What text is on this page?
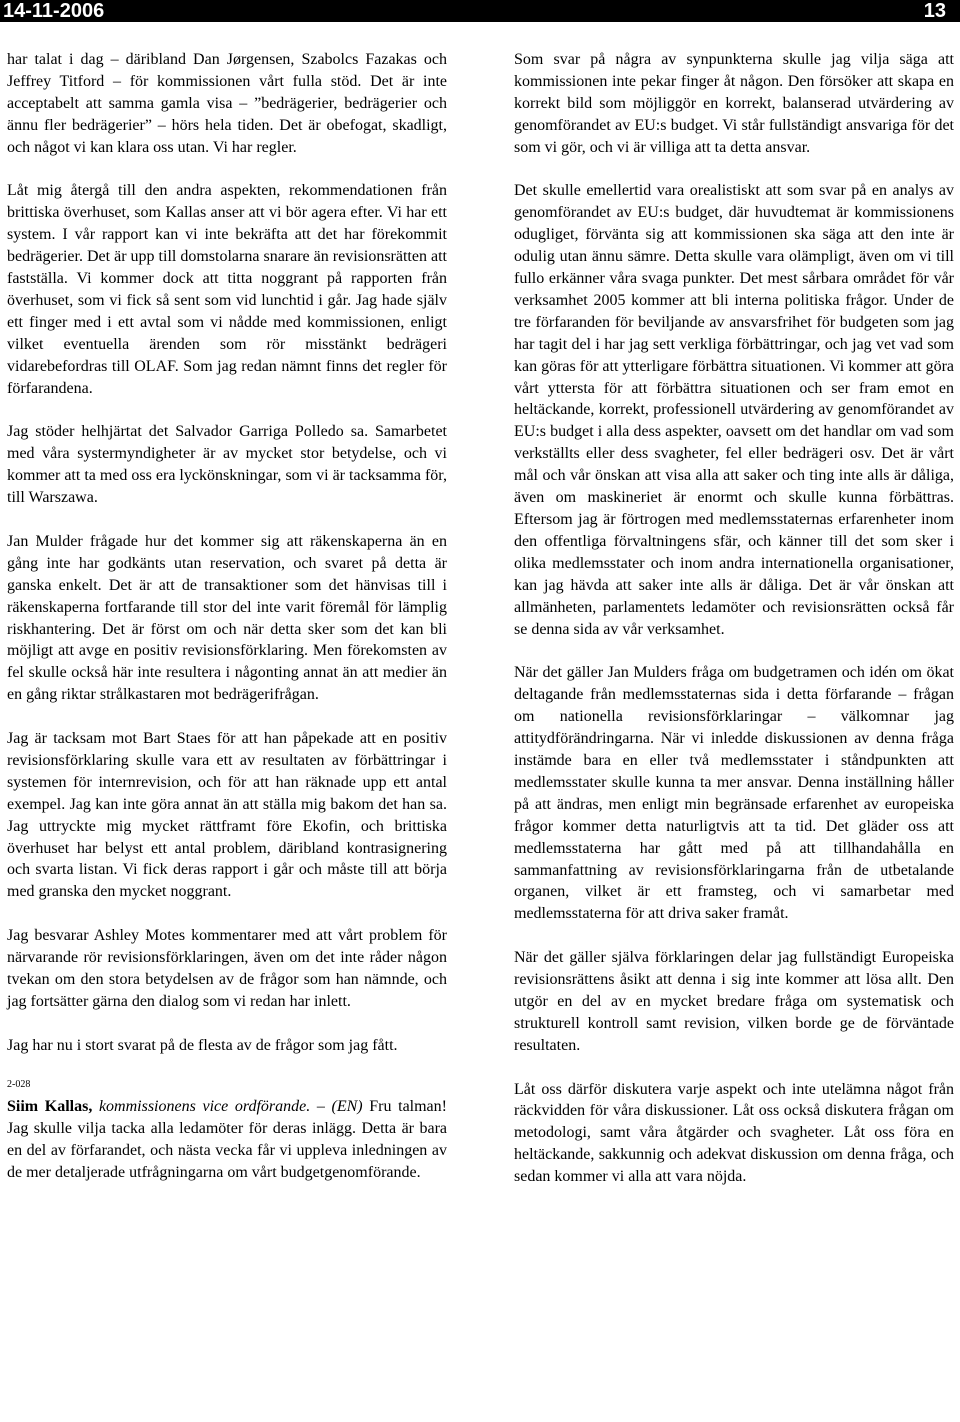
14-11-2006	13

har talat i dag – däribland Dan Jørgensen, Szabolcs Fazakas och Jeffrey Titford – för kommissionen vårt fulla stöd. Det är inte acceptabelt att samma gamla visa – ”bedrägerier, bedrägerier och ännu fler bedrägerier” – hörs hela tiden. Det är obefogat, skadligt, och något vi kan klara oss utan. Vi har regler.

Låt mig återgå till den andra aspekten, rekommendationen från brittiska överhuset, som Kallas anser att vi bör agera efter. Vi har ett system. I vår rapport kan vi inte bekräfta att det har förekommit bedrägerier. Det är upp till domstolarna snarare än revisionsrätten att fastställa. Vi kommer dock att titta noggrant på rapporten från överhuset, som vi fick så sent som vid lunchtid i går. Jag hade själv ett finger med i ett avtal som vi nådde med kommissionen, enligt vilket eventuella ärenden som rör misstänkt bedrägeri vidarebefordras till OLAF. Som jag redan nämnt finns det regler för förfarandena.

Jag stöder helhjärtat det Salvador Garriga Polledo sa. Samarbetet med våra systermyndigheter är av mycket stor betydelse, och vi kommer att ta med oss era lyckönskningar, som vi är tacksamma för, till Warszawa.

Jan Mulder frågade hur det kommer sig att räkenskaperna än en gång inte har godkänts utan reservation, och svaret på detta är ganska enkelt. Det är att de transaktioner som det hänvisas till i räkenskaperna fortfarande till stor del inte varit föremål för lämplig riskhantering. Det är först om och när detta sker som det kan bli möjligt att avge en positiv revisionsförklaring. Men förekomsten av fel skulle också här inte resultera i någonting annat än att medier än en gång riktar strålkastaren mot bedrägerifrågan.

Jag är tacksam mot Bart Staes för att han påpekade att en positiv revisionsförklaring skulle vara ett av resultaten av förbättringar i systemen för internrevision, och för att han räknade upp ett antal exempel. Jag kan inte göra annat än att ställa mig bakom det han sa. Jag uttryckte mig mycket rättframt före Ekofin, och brittiska överhuset har belyst ett antal problem, däribland kontrasignering och svarta listan. Vi fick deras rapport i går och måste till att börja med granska den mycket noggrant.

Jag besvarar Ashley Motes kommentarer med att vårt problem för närvarande rör revisionsförklaringen, även om det inte råder någon tvekan om den stora betydelsen av de frågor som han nämnde, och jag fortsätter gärna den dialog som vi redan har inlett.

Jag har nu i stort svarat på de flesta av de frågor som jag fått.

2-028

Siim Kallas, kommissionens vice ordförande. – (EN) Fru talman! Jag skulle vilja tacka alla ledamöter för deras inlägg. Detta är bara en del av förfarandet, och nästa vecka får vi uppleva inledningen av de mer detaljerade utfrågningarna om vårt budgetgenomförande.

Som svar på några av synpunkterna skulle jag vilja säga att kommissionen inte pekar finger åt någon. Den försöker att skapa en korrekt bild som möjliggör en korrekt, balanserad utvärdering av genomförandet av EU:s budget. Vi står fullständigt ansvariga för det som vi gör, och vi är villiga att ta detta ansvar.

Det skulle emellertid vara orealistiskt att som svar på en analys av genomförandet av EU:s budget, där huvudtemat är kommissionens odugliget, förvänta sig att kommissionen ska säga att den inte är odulig utan ännu sämre. Detta skulle vara olämpligt, även om vi till fullo erkänner våra svaga punkter. Det mest sårbara området för vår verksamhet 2005 kommer att bli interna politiska frågor. Under de tre förfaranden för beviljande av ansvarsfrihet för budgeten som jag har tagit del i har jag sett verkliga förbättringar, och jag vet vad som kan göras för att ytterligare förbättra situationen. Vi kommer att göra vårt yttersta för att förbättra situationen och ser fram emot en heltäckande, korrekt, professionell utvärdering av genomförandet av EU:s budget i alla dess aspekter, oavsett om det handlar om vad som verkställts eller dess svagheter, fel eller bedrägeri osv. Det är vårt mål och vår önskan att visa alla att saker och ting inte alls är dåliga, även om maskineriet är enormt och skulle kunna förbättras. Eftersom jag är förtrogen med medlemsstaternas erfarenheter inom den offentliga förvaltningens sfär, och känner till det som sker i olika medlemsstater och inom andra internationella organisationer, kan jag hävda att saker inte alls är dåliga. Det är vår önskan att allmänheten, parlamentets ledamöter och revisionsrätten också får se denna sida av vår verksamhet.

När det gäller Jan Mulders fråga om budgetramen och idén om ökat deltagande från medlemsstaternas sida i detta förfarande – frågan om nationella revisionsförklaringar – välkomnar jag attitydförändringarna. När vi inledde diskussionen av denna fråga instämde bara en eller två medlemsstater i ståndpunkten att medlemsstater skulle kunna ta mer ansvar. Denna inställning håller på att ändras, men enligt min begränsade erfarenhet av europeiska frågor kommer detta naturligtvis att ta tid. Det gläder oss att medlemsstaterna har gått med på att tillhandahålla en sammanfattning av revisionsförklaringarna från de utbetalande organen, vilket är ett framsteg, och vi samarbetar med medlemsstaterna för att driva saker framåt.

När det gäller själva förklaringen delar jag fullständigt Europeiska revisionsrättens åsikt att denna i sig inte kommer att lösa allt. Den utgör en del av en mycket bredare fråga om systematisk och strukturell kontroll samt revision, vilken borde ge de förväntade resultaten.

Låt oss därför diskutera varje aspekt och inte utelämna något från räckvidden för våra diskussioner. Låt oss också diskutera frågan om metodologi, samt våra åtgärder och svagheter. Låt oss föra en heltäckande, sakkunnig och adekvat diskussion om denna fråga, och sedan kommer vi alla att vara nöjda.
